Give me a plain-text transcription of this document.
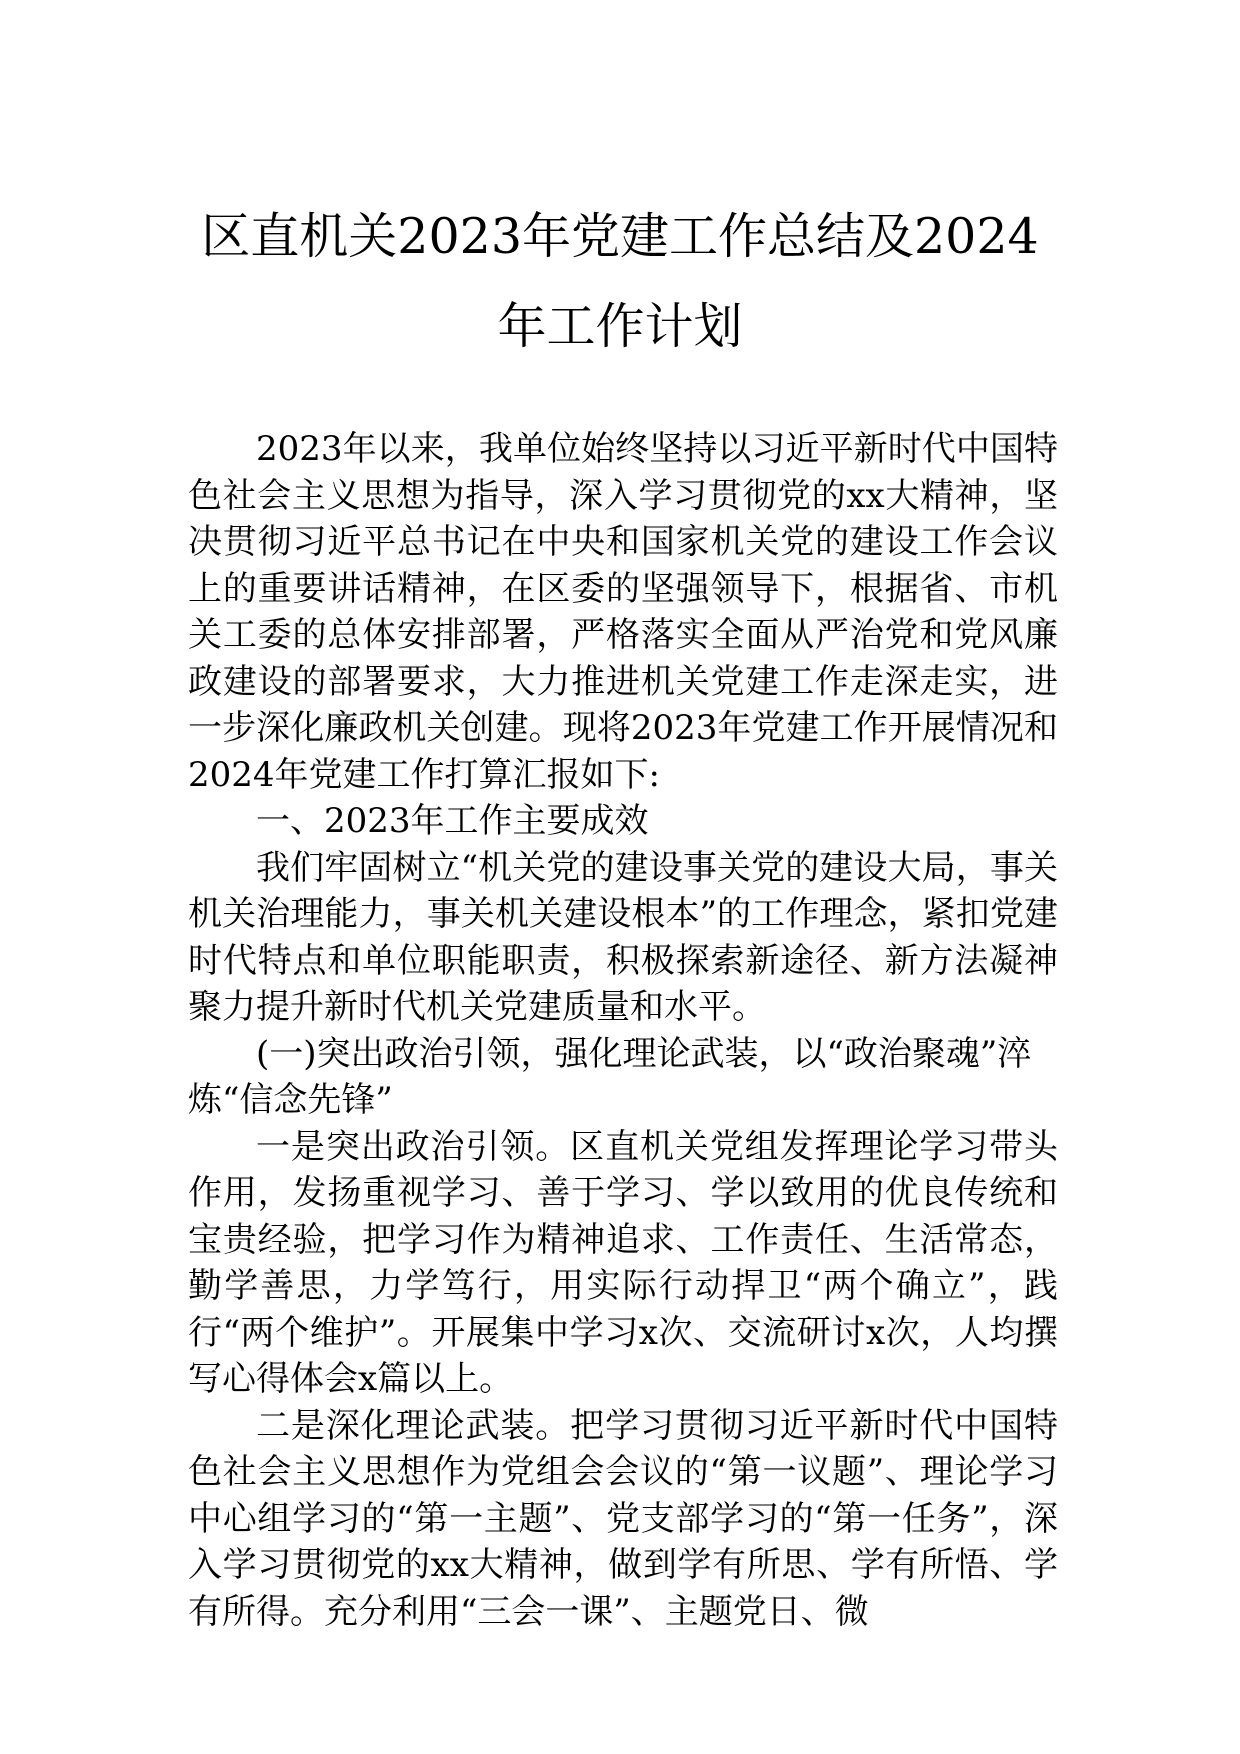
区直机关2023年党建工作总结及2024年工作计划

2023年以来，我单位始终坚持以习近平新时代中国特色社会主义思想为指导，深入学习贯彻党的xx大精神，坚决贯彻习近平总书记在中央和国家机关党的建设工作会议上的重要讲话精神，在区委的坚强领导下，根据省、市机关工委的总体安排部署，严格落实全面从严治党和党风廉政建设的部署要求，大力推进机关党建工作走深走实，进一步深化廉政机关创建。现将2023年党建工作开展情况和2024年党建工作打算汇报如下:

一、2023年工作主要成效

我们牢固树立“机关党的建设事关党的建设大局，事关机关治理能力，事关机关建设根本”的工作理念，紧扣党建时代特点和单位职能职责，积极探索新途径、新方法凝神聚力提升新时代机关党建质量和水平。

(一)突出政治引领，强化理论武装，以“政治聚魂”淬炼“信念先锋”

一是突出政治引领。区直机关党组发挥理论学习带头作用，发扬重视学习、善于学习、学以致用的优良传统和宝贵经验，把学习作为精神追求、工作责任、生活常态，勤学善思，力学笃行，用实际行动捍卫“两个确立”，践行“两个维护”。开展集中学习x次、交流研讨x次，人均撰写心得体会x篇以上。

二是深化理论武装。把学习贯彻习近平新时代中国特色社会主义思想作为党组会会议的“第一议题”、理论学习中心组学习的“第一主题”、党支部学习的“第一任务”，深入学习贯彻党的xx大精神，做到学有所思、学有所悟、学有所得。充分利用“三会一课”、主题党日、微
